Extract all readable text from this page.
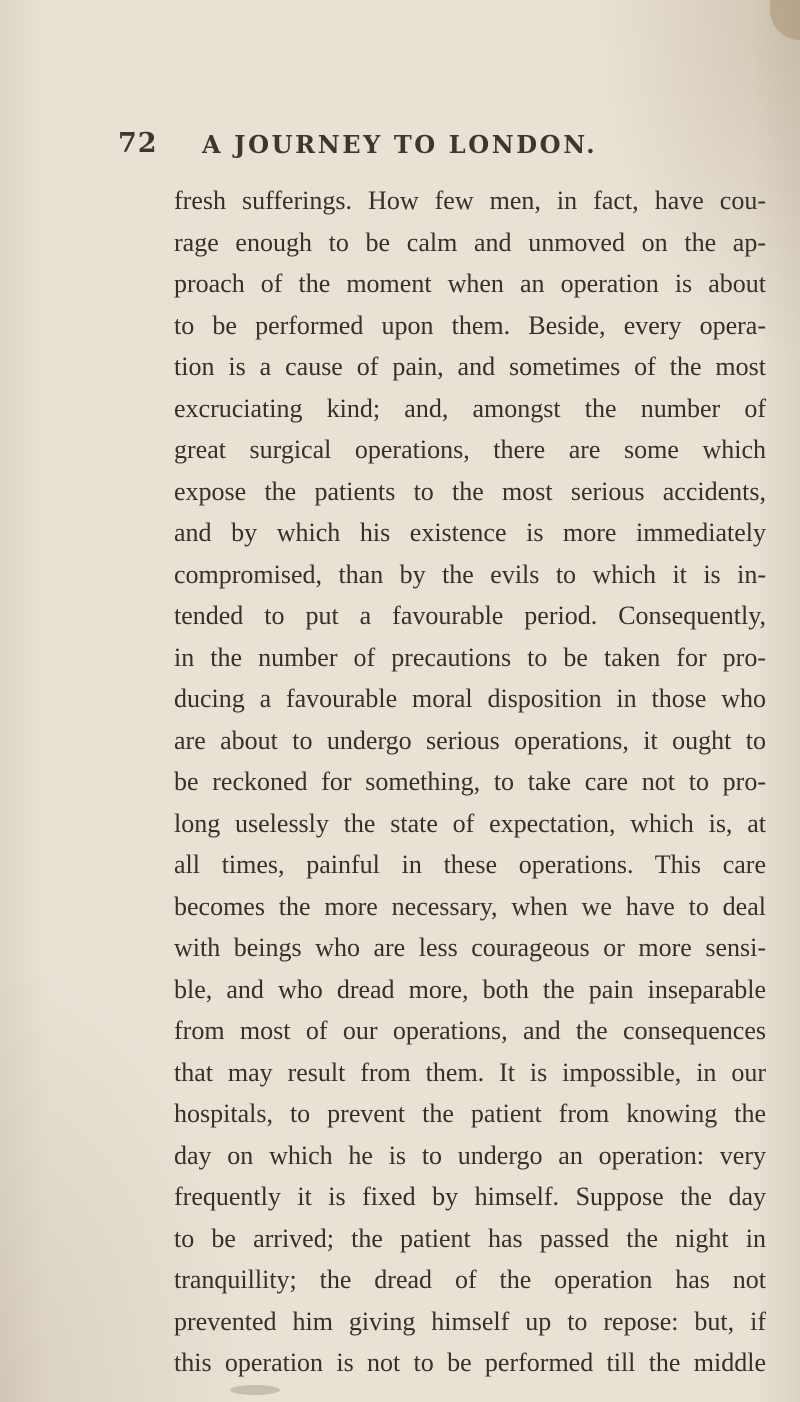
72 A JOURNEY TO LONDON.
fresh sufferings. How few men, in fact, have cou-
rage enough to be calm and unmoved on the ap-
proach of the moment when an operation is about
to be performed upon them. Beside, every opera-
tion is a cause of pain, and sometimes of the most
excruciating kind; and, amongst the number of
great surgical operations, there are some which
expose the patients to the most serious accidents,
and by which his existence is more immediately
compromised, than by the evils to which it is in-
tended to put a favourable period. Consequently,
in the number of precautions to be taken for pro-
ducing a favourable moral disposition in those who
are about to undergo serious operations, it ought to
be reckoned for something, to take care not to pro-
long uselessly the state of expectation, which is, at
all times, painful in these operations. This care
becomes the more necessary, when we have to deal
with beings who are less courageous or more sensi-
ble, and who dread more, both the pain inseparable
from most of our operations, and the consequences
that may result from them. It is impossible, in our
hospitals, to prevent the patient from knowing the
day on which he is to undergo an operation: very
frequently it is fixed by himself. Suppose the day
to be arrived; the patient has passed the night in
tranquillity; the dread of the operation has not
prevented him giving himself up to repose: but, if
this operation is not to be performed till the middle
